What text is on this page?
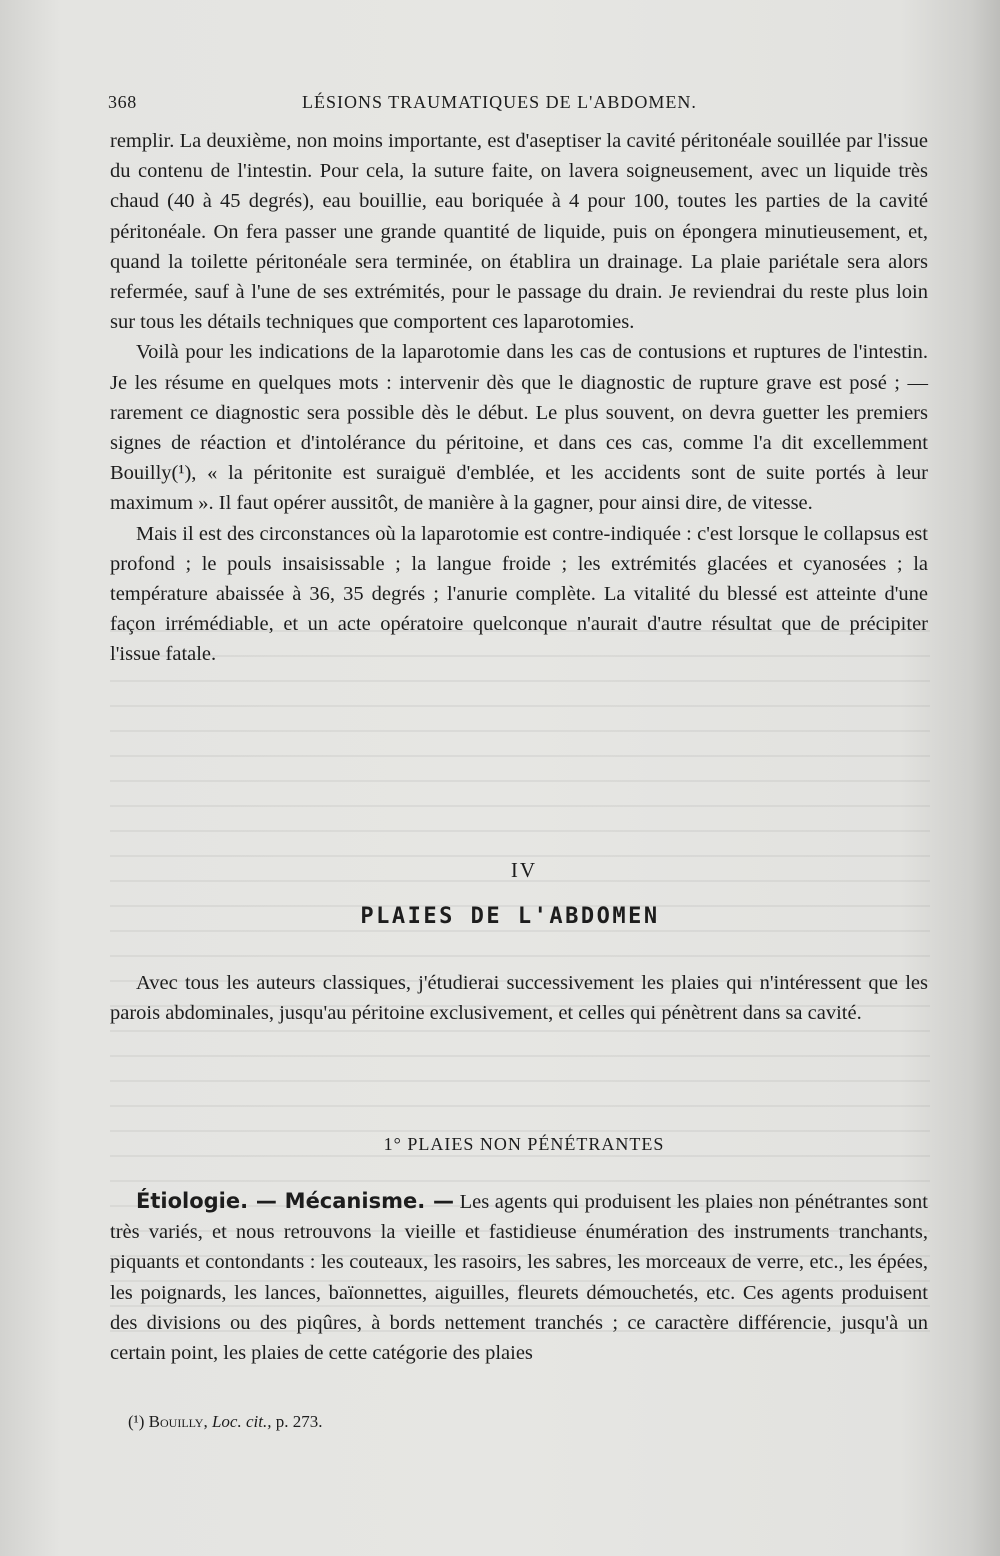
368	LÉSIONS TRAUMATIQUES DE L'ABDOMEN.

remplir. La deuxième, non moins importante, est d'aseptiser la cavité péritonéale souillée par l'issue du contenu de l'intestin. Pour cela, la suture faite, on lavera soigneusement, avec un liquide très chaud (40 à 45 degrés), eau bouillie, eau boriquée à 4 pour 100, toutes les parties de la cavité péritonéale. On fera passer une grande quantité de liquide, puis on épongera minutieusement, et, quand la toilette péritonéale sera terminée, on établira un drainage. La plaie pariétale sera alors refermée, sauf à l'une de ses extrémités, pour le passage du drain. Je reviendrai du reste plus loin sur tous les détails techniques que comportent ces laparotomies.

Voilà pour les indications de la laparotomie dans les cas de contusions et ruptures de l'intestin. Je les résume en quelques mots : intervenir dès que le diagnostic de rupture grave est posé ; — rarement ce diagnostic sera possible dès le début. Le plus souvent, on devra guetter les premiers signes de réaction et d'intolérance du péritoine, et dans ces cas, comme l'a dit excellemment Bouilly(¹), « la péritonite est suraiguë d'emblée, et les accidents sont de suite portés à leur maximum ». Il faut opérer aussitôt, de manière à la gagner, pour ainsi dire, de vitesse.

Mais il est des circonstances où la laparotomie est contre-indiquée : c'est lorsque le collapsus est profond ; le pouls insaisissable ; la langue froide ; les extrémités glacées et cyanosées ; la température abaissée à 36, 35 degrés ; l'anurie complète. La vitalité du blessé est atteinte d'une façon irrémédiable, et un acte opératoire quelconque n'aurait d'autre résultat que de précipiter l'issue fatale.

IV
PLAIES DE L'ABDOMEN

Avec tous les auteurs classiques, j'étudierai successivement les plaies qui n'intéressent que les parois abdominales, jusqu'au péritoine exclusivement, et celles qui pénètrent dans sa cavité.

1° PLAIES NON PÉNÉTRANTES

Étiologie. — Mécanisme. — Les agents qui produisent les plaies non pénétrantes sont très variés, et nous retrouvons la vieille et fastidieuse énumération des instruments tranchants, piquants et contondants : les couteaux, les rasoirs, les sabres, les morceaux de verre, etc., les épées, les poignards, les lances, baïonnettes, aiguilles, fleurets démouchetés, etc. Ces agents produisent des divisions ou des piqûres, à bords nettement tranchés ; ce caractère différencie, jusqu'à un certain point, les plaies de cette catégorie des plaies

(¹) Bouilly, Loc. cit., p. 273.
